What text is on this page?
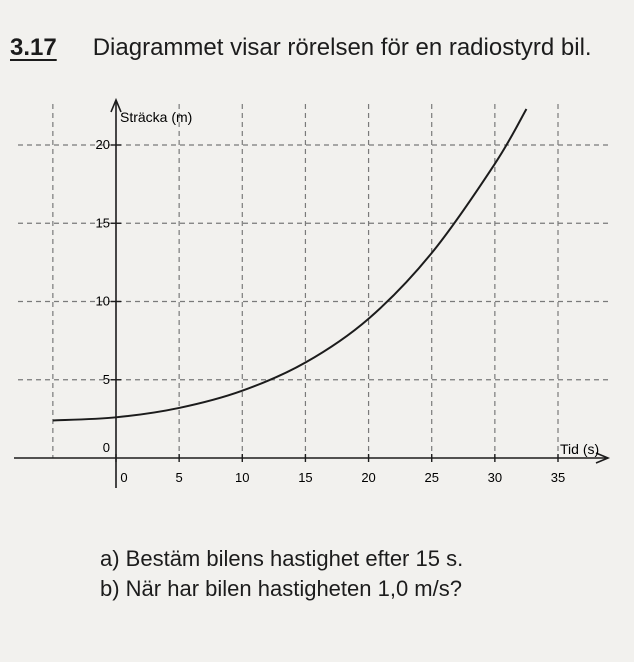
3.17 Diagrammet visar rörelsen för en radiostyrd bil.
0	5	10	15	20	25	30	35
0
5
10
15
20
Sträcka (m)
Tid (s)
a) Bestäm bilens hastighet efter 15 s.
b) När har bilen hastigheten 1,0 m/s?
